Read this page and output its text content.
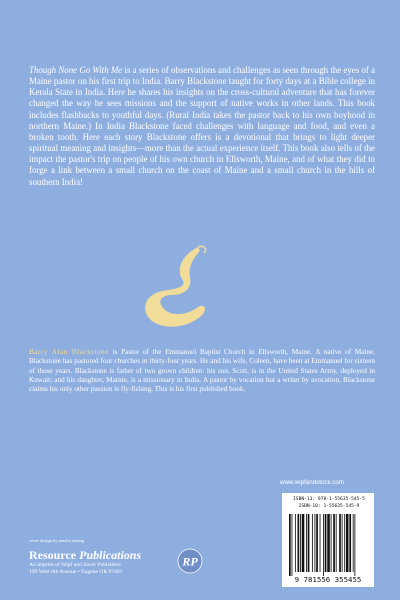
Though None Go With Me is a series of observations and challenges as seen through the eyes of a Maine pastor on his first trip to India. Barry Blackstone taught for forty days at a Bible college in Kerala State in India. Here he shares his insights on the cross-cultural adventure that has forever changed the way he sees missions and the support of native works in other lands. This book includes flashbacks to youthful days. (Rural India takes the pastor back to his own boyhood in northern Maine.) In India Blackstone faced challenges with language and food, and even a broken tooth. Here each story Blackstone offers is a devotional that brings to light deeper spiritual meaning and insights—more than the actual experience itself. This book also tells of the impact the pastor's trip on people of his own church in Ellsworth, Maine, and of what they did to forge a link between a small church on the coast of Maine and a small church in the hills of southern India!

Barry Alan Blackstone is Pastor of the Emmanuel Baptist Church in Ellsworth, Maine. A native of Maine, Blackstone has pastored four churches in thirty-four years. He and his wife, Coleen, have been at Emmanuel for sixteen of those years. Blackstone is father of two grown children: his son, Scott, is in the United States Army, deployed in Kuwait; and his daughter, Marnie, is a missionary in India. A pastor by vocation but a writer by avocation, Blackstone claims his only other passion is fly-fishing. This is his first published book.

www.wipfandstock.com
ISBN-13: 978-1-55635-545-5
ISBN-10: 1-55635-545-9
9 781556 355455
cover design by amelia reising
Resource Publications
An imprint of Wipf and Stock Publishers
199 West 8th Avenue • Eugene OR 97401
RP
